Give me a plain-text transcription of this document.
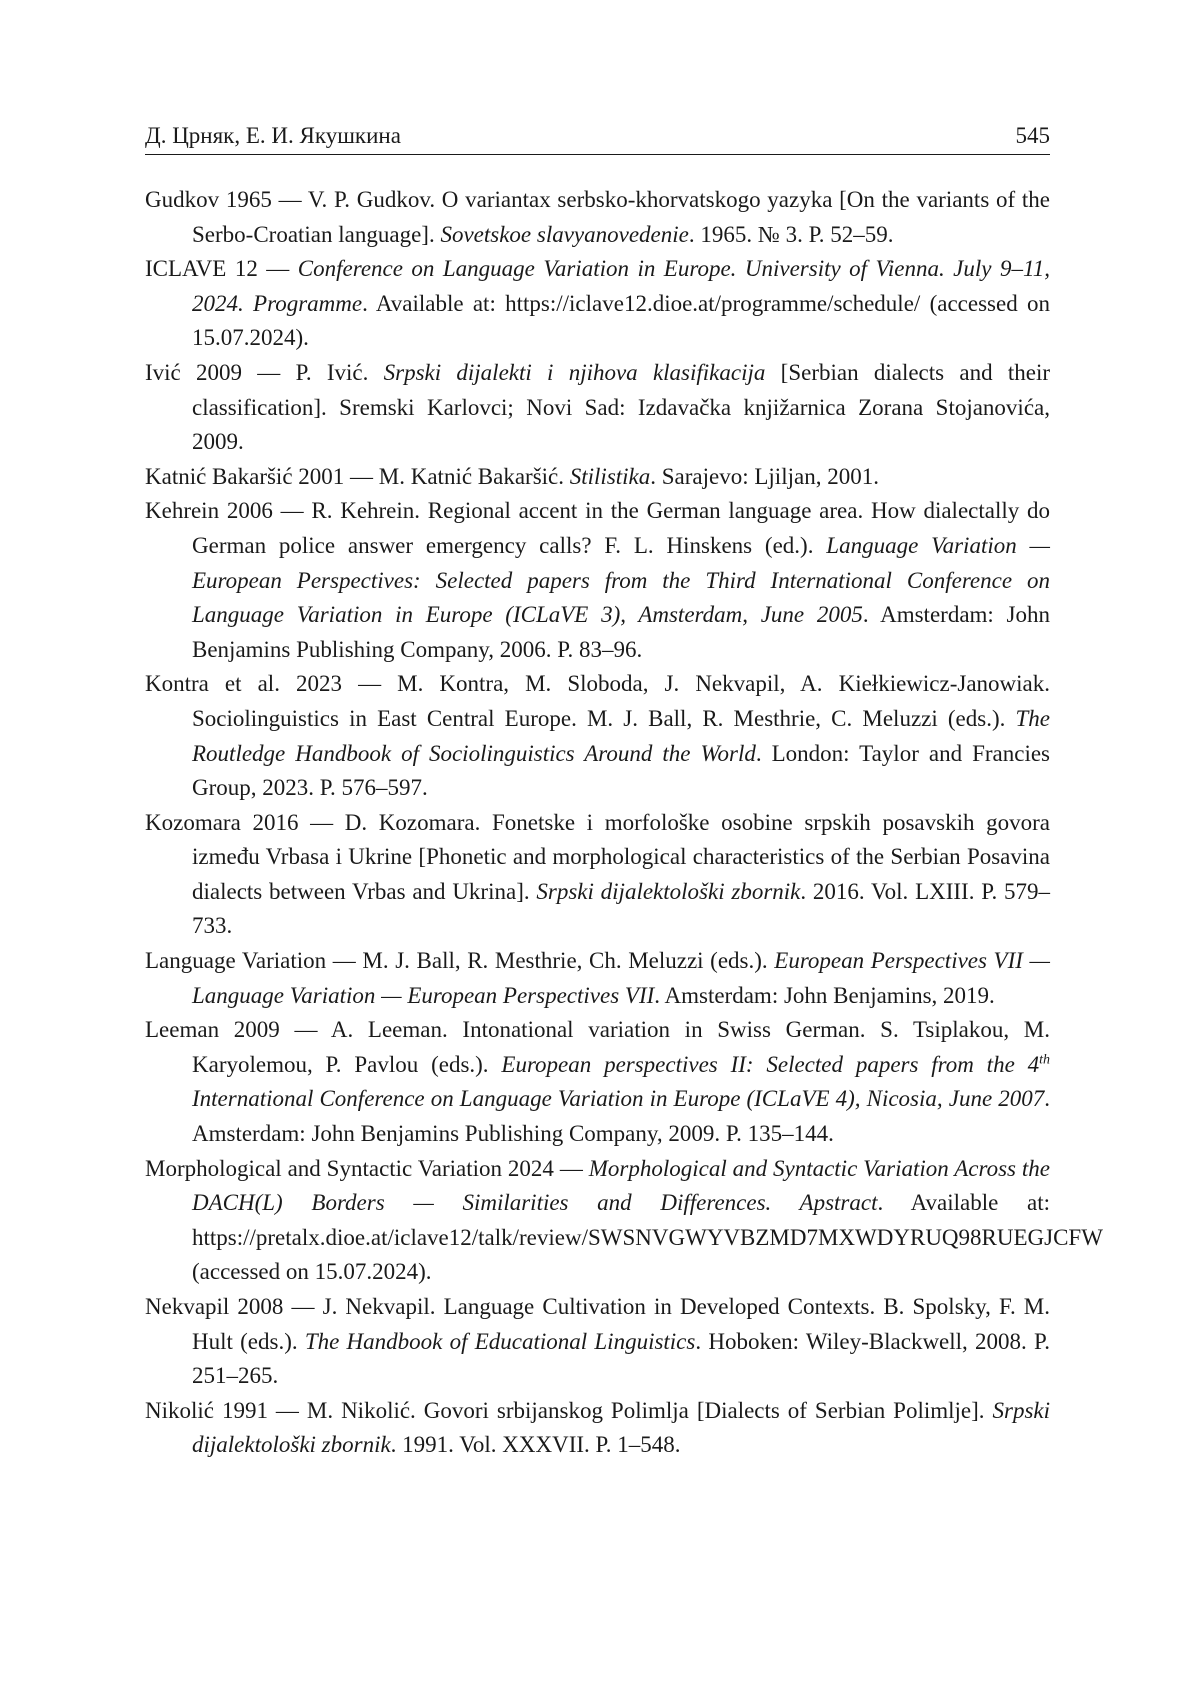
Д. Црняк, Е. И. Якушкина	545
Gudkov 1965 — V. P. Gudkov. O variantax serbsko-khorvatskogo yazyka [On the variants of the Serbo-Croatian language]. Sovetskoe slavyanovedenie. 1965. № 3. P. 52–59.
ICLAVE 12 — Conference on Language Variation in Europe. University of Vienna. July 9–11, 2024. Programme. Available at: https://iclave12.dioe.at/programme/schedule/ (accessed on 15.07.2024).
Ivić 2009 — P. Ivić. Srpski dijalekti i njihova klasifikacija [Serbian dialects and their classification]. Sremski Karlovci; Novi Sad: Izdavačka knjižarnica Zorana Stojanovića, 2009.
Katnić Bakaršić 2001 — M. Katnić Bakaršić. Stilistika. Sarajevo: Ljiljan, 2001.
Kehrein 2006 — R. Kehrein. Regional accent in the German language area. How dialectally do German police answer emergency calls? F. L. Hinskens (ed.). Language Variation — European Perspectives: Selected papers from the Third International Conference on Language Variation in Europe (ICLaVE 3), Amsterdam, June 2005. Amsterdam: John Benjamins Publishing Company, 2006. P. 83–96.
Kontra et al. 2023 — M. Kontra, M. Sloboda, J. Nekvapil, A. Kiełkiewicz-Janowiak. Sociolinguistics in East Central Europe. M. J. Ball, R. Mesthrie, C. Meluzzi (eds.). The Routledge Handbook of Sociolinguistics Around the World. London: Taylor and Francies Group, 2023. P. 576–597.
Kozomara 2016 — D. Kozomara. Fonetske i morfološke osobine srpskih posavskih govora između Vrbasa i Ukrine [Phonetic and morphological characteristics of the Serbian Posavina dialects between Vrbas and Ukrina]. Srpski dijalektološki zbornik. 2016. Vol. LXIII. P. 579–733.
Language Variation — M. J. Ball, R. Mesthrie, Ch. Meluzzi (eds.). European Perspectives VII — Language Variation — European Perspectives VII. Amsterdam: John Benjamins, 2019.
Leeman 2009 — A. Leeman. Intonational variation in Swiss German. S. Tsiplakou, M. Karyolemou, P. Pavlou (eds.). European perspectives II: Selected papers from the 4th International Conference on Language Variation in Europe (ICLaVE 4), Nicosia, June 2007. Amsterdam: John Benjamins Publishing Company, 2009. P. 135–144.
Morphological and Syntactic Variation 2024 — Morphological and Syntactic Variation Across the DACH(L) Borders — Similarities and Differences. Apstract. Available at: https://pretalx.dioe.at/iclave12/talk/review/SWSNVGWYVBZMD7MXWDYRUQ98RUEGJCFW (accessed on 15.07.2024).
Nekvapil 2008 — J. Nekvapil. Language Cultivation in Developed Contexts. B. Spolsky, F. M. Hult (eds.). The Handbook of Educational Linguistics. Hoboken: Wiley-Blackwell, 2008. P. 251–265.
Nikolić 1991 — M. Nikolić. Govori srbijanskog Polimlja [Dialects of Serbian Polimlje]. Srpski dijalektološki zbornik. 1991. Vol. XXXVII. P. 1–548.
